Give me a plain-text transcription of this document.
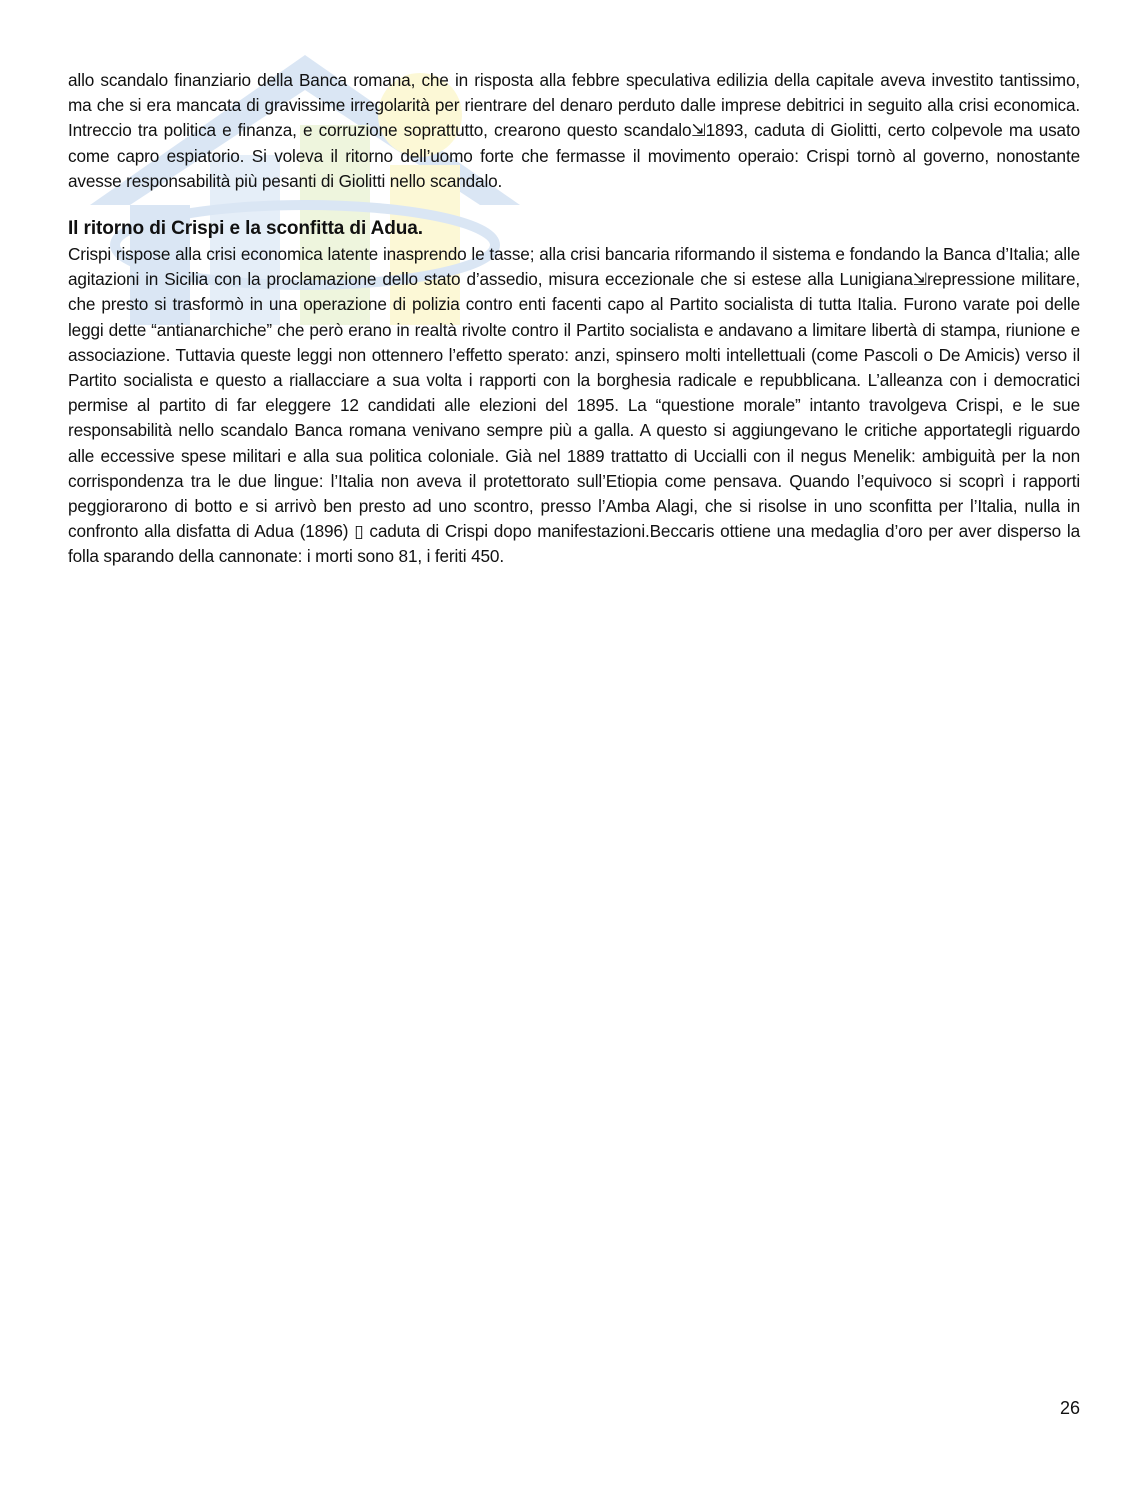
allo scandalo finanziario della Banca romana, che in risposta alla febbre speculativa edilizia della capitale aveva investito tantissimo, ma che si era mancata di gravissime irregolarità per rientrare del denaro perduto dalle imprese debitrici in seguito alla crisi economica. Intreccio tra politica e finanza, e corruzione soprattutto, crearono questo scandalo⇲1893, caduta di Giolitti, certo colpevole ma usato come capro espiatorio. Si voleva il ritorno dell’uomo forte che fermasse il movimento operaio: Crispi tornò al governo, nonostante avesse responsabilità più pesanti di Giolitti nello scandalo.

Il ritorno di Crispi e la sconfitta di Adua.

Crispi rispose alla crisi economica latente inasprendo le tasse; alla crisi bancaria riformando il sistema e fondando la Banca d’Italia; alle agitazioni in Sicilia con la proclamazione dello stato d’assedio, misura eccezionale che si estese alla Lunigiana⇲repressione militare, che presto si trasformò in una operazione di polizia contro enti facenti capo al Partito socialista di tutta Italia. Furono varate poi delle leggi dette “antianarchiche” che però erano in realtà rivolte contro il Partito socialista e andavano a limitare libertà di stampa, riunione e associazione. Tuttavia queste leggi non ottennero l’effetto sperato: anzi, spinsero molti intellettuali (come Pascoli o De Amicis) verso il Partito socialista e questo a riallacciare a sua volta i rapporti con la borghesia radicale e repubblicana. L’alleanza con i democratici permise al partito di far eleggere 12 candidati alle elezioni del 1895. La “questione morale” intanto travolgeva Crispi, e le sue responsabilità nello scandalo Banca romana venivano sempre più a galla. A questo si aggiungevano le critiche apportategli riguardo alle eccessive spese militari e alla sua politica coloniale. Già nel 1889 trattatto di Uccialli con il negus Menelik: ambiguità per la non corrispondenza tra le due lingue: l’Italia non aveva il protettorato sull’Etiopia come pensava. Quando l’equivoco si scoprì i rapporti peggiorarono di botto e si arrivò ben presto ad uno scontro, presso l’Amba Alagi, che si risolse in uno sconfitta per l’Italia, nulla in confronto alla disfatta di Adua (1896) ▯ caduta di Crispi dopo manifestazioni.Beccaris ottiene una medaglia d’oro per aver disperso la folla sparando della cannonate: i morti sono 81, i feriti 450.

26
